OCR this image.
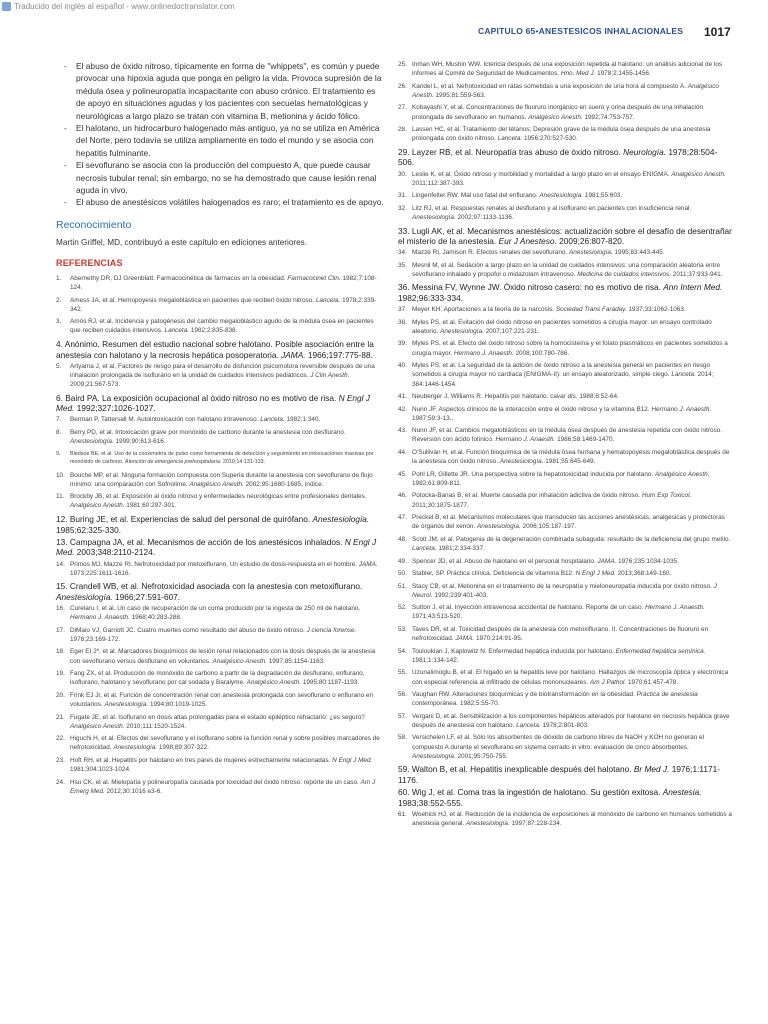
Traducido del inglés al español - www.onlinedoctranslator.com
CAPITULO 65•ANESTESICOS INHALACIONALES 1017
- El abuso de óxido nitroso, típicamente en forma de "whippets", es común y puede provocar una hipoxia aguda que ponga en peligro la vida. Provoca supresión de la médula ósea y polineuropatía incapacitante con abuso crónico. El tratamiento es de apoyo en situaciones agudas y los pacientes con secuelas hematológicas y neurológicas a largo plazo se tratan con vitamina B, metionina y ácido fólico.
- El halotano, un hidrocarburo halogenado más antiguo, ya no se utiliza en América del Norte, pero todavía se utiliza ampliamente en todo el mundo y se asocia con hepatitis fulminante.
- El sevoflurano se asocia con la producción del compuesto A, que puede causar necrosis tubular renal; sin embargo, no se ha demostrado que cause lesión renal aguda in vivo.
- El abuso de anestésicos volátiles halogenados es raro; el tratamiento es de apoyo.
Reconocimiento

Martin Griffel, MD, contribuyó a este capítulo en ediciones anteriores.

REFERENCIAS
1. Abernethy DR, DJ Greenblatt. Farmacocinética de fármacos en la obesidad. Farmacocinet Clin. 1982;7:108-124.
2. Amess JA, et al. Hemopoyesis megaloblástica en pacientes que reciben óxido nitroso. Lanceta. 1978;2:339-342.
3. Amós RJ, et al. Incidencia y patogénesis del cambio megaloblástico agudo de la médula ósea en pacientes que reciben cuidados intensivos. Lanceta. 1982;2:835-838.
4. Anónimo. Resumen del estudio nacional sobre halotano. Posible asociación entre la anestesia con halotano y la necrosis hepática posoperatoria. JAMA. 1966;197:775-88.
5. Artyama J, et al. Factores de riesgo para el desarrollo de disfunción psicomotora reversible después de una inhalación prolongada de isoflurano en la unidad de cuidados intensivos pediátricos. J Clin Anesth. 2009;21:567-573.
6. Baird PA. La exposición ocupacional al óxido nitroso no es motivo de risa. N Engl J Med. 1992;327:1026-1027.
7. Berman P, Tattersall M. Autointoxicación con halotano intravenoso. Lanceta. 1982;1:340.
8. Berry PD, et al. Intoxicación grave por monóxido de carbono durante la anestesia con desflurano. Anestesiología. 1999;90:613-616.
9. Bledsoe BE, et al. Uso de la cooximetría de pulso como herramienta de detección y seguimiento en intoxicaciones masivas por monóxido de carbono. Atención de emergencia prehospitalaria. 2010;14:131-133.
10. Bouche MP, et al. Ninguna formación compuesta con Superia durante la anestesia con sevoflurano de flujo mínimo: una comparación con Sofnolime. Analgésico Anesth. 2002;95:1680-1685, índice.
11. Brockby JB, et al. Exposición al óxido nitroso y enfermedades neurológicas entre profesionales dentales. Analgésico Anesth. 1981;60:297-301.
12. Buring JE, et al. Experiencias de salud del personal de quirófano. Anestesiología. 1985;62:325-330.
13. Campagna JA, et al. Mecanismos de acción de los anestésicos inhalados. N Engl J Med. 2003;348:2110-2124.
14. Primos MJ, Mazze RI. Nefrotoxicidad por metoxiflurano. Un estudio de dosis-respuesta en el hombre. JAMA. 1973;225:1611-1616.
15. Crandell WB, et al. Nefrotoxicidad asociada con la anestesia con metoxiflurano. Anestesiología. 1966;27:591-607.
16. Curelaru I, et al. Un caso de recuperación de un coma producido por la ingesta de 250 ml de halotano. Hermano J. Anaesth. 1968;40:283-288.
17. DiMaio VJ, Garriott JC. Cuatro muertes como resultado del abuso de óxido nitroso. J ciencia forense. 1978;23:169-172.
18. Eger EI 2º, et al. Marcadores bioquímicos de lesión renal relacionados con la dosis después de la anestesia con sevoflurano versus desflurano en voluntarios. Analgésico Anesth. 1997;85:1154-1163.
19. Fang ZX, et al. Producción de monóxido de carbono a partir de la degradación de desflurano, enflurano, isoflurano, halotano y sevoflurano por cal sodada y Baralyme. Analgésico Anesth. 1995;80:1187-1193.
20. Frink EJ Jr, et al. Función de concentración renal con anestesia prolongada con sevoflurano o enflurano en voluntarios. Anestesiología. 1994;80:1019-1025.
21. Fugate JE, et al. Isoflurano en dosis altas prolongadas para el estado epiléptico refractario: ¿es seguro? Analgésico Anesth. 2010;111:1520-1524.
22. Higuchi H, et al. Efectos del sevoflurano y el isoflurano sobre la función renal y sobre posibles marcadores de nefrotoxicidad. Anestesiología. 1998;89:307-322.
23. Hoft RH, et al. Hepatitis por halotano en tres pares de mujeres estrechamente relacionadas. N Engl J Med. 1981;304:1023-1024.
24. Hsu CK, et al. Mielopatía y polineuropatía causada por toxicidad del óxido nitroso: reporte de un caso. Am J Emerg Med. 2012;30:1016 e3-6.
25. Inman WH, Mushin WW. Ictericia después de una exposición repetida al halotano: un análisis adicional de los informes al Comité de Seguridad de Medicamentos. Hno. Med J. 1978;2:1455-1456.
26. Kandel L, et al. Nefrotoxicidad en ratas sometidas a una exposición de una hora al compuesto A. Analgésico Anesth. 1995;81:559-563.
27. Kobayashi Y, et al. Concentraciones de fluoruro inorgánico en suero y orina después de una inhalación prolongada de sevoflurano en humanos. Analgésico Anesth. 1992;74:753-757.
28. Lassen HC, et al. Tratamiento del tétanos; Depresión grave de la médula ósea después de una anestesia prolongada con óxido nitroso. Lanceta. 1956;270:527-530.
29. Layzer RB, et al. Neuropatía tras abuso de óxido nitroso. Neurología. 1978;28:504-506.
30. Leslie K, et al. Óxido nitroso y morbilidad y mortalidad a largo plazo en el ensayo ENIGMA. Analgésico Anesth. 2011;112:387-393.
31. Lingenfelter RW. Mal uso fatal del enflurano. Anestesiología. 1981;55:603.
32. Litz RJ, et al. Respuestas renales al desflurano y al isoflurano en pacientes con insuficiencia renal. Anestesiología. 2002;97:1133-1136.
33. Lugli AK, et al. Mecanismos anestésicos: actualización sobre el desafío de desentrañar el misterio de la anestesia. Eur J Anesteso. 2009;26:807-820.
34. Mazze RI, Jamison R. Efectos renales del sevoflurano. Anestesiología. 1995;83:443-445.
35. Mesnil M, et al. Sedación a largo plazo en la unidad de cuidados intensivos: una comparación aleatoria entre sevoflurano inhalado y propofol o midazolam intravenoso. Medicina de cuidados intensivos. 2011;37:933-941.
36. Messina FV, Wynne JW. Óxido nitroso casero: no es motivo de risa. Ann Intern Med. 1982;96:333-334.
37. Meyer KH. Aportaciones a la teoría de la narcosis. Sociedad Trans Faraday. 1937;33:1062-1063.
38. Myles PS, et al. Evitación del óxido nitroso en pacientes sometidos a cirugía mayor: un ensayo controlado aleatorio. Anestesiología. 2007;107:221-231.
39. Myles PS, et al. Efecto del óxido nitroso sobre la homocisteína y el folato plasmáticos en pacientes sometidos a cirugía mayor. Hermano J. Anaesth. 2008;100:780-786.
40. Myles PS, et al. La seguridad de la adición de óxido nitroso a la anestesia general en pacientes en riesgo sometidos a cirugía mayor no cardíaca (ENIGMA-II): un ensayo aleatorizado, simple ciego. Lanceta. 2014; 384:1446-1454.
41. Neuberger J, Williams R. Hepatitis por halotano. cavar dis. 1988;6:52-64.
42. Nunn JF. Aspectos clínicos de la interacción entre el óxido nitroso y la vitamina B12. Hermano J. Anaesth. 1987;59:3-13..
43. Nunn JF, et al. Cambios megaloblásticos en la médula ósea después de anestesia repetida con óxido nitroso. Reversión con ácido folínico. Hermano J. Anaesth. 1986;58:1469-1470.
44. O'Sullivan H, et al. Función bioquímica de la médula ósea humana y hematopoyesis megaloblástica después de la anestesia con óxido nitroso. Anestesiología. 1981;55:645-649.
45. Pohl LR, Gillette JR. Una perspectiva sobre la hepatotoxicidad inducida por halotano. Analgésico Anesth. 1982;61:809-811.
46. Potocka-Banas B, et al. Muerte causada por inhalación adictiva de óxido nitroso. Hum Exp Toxicol. 2011;30:1875-1877.
47. Preckel B, et al. Mecanismos moleculares que transducen las acciones anestésicas, analgésicas y protectoras de órganos del xenón. Anestesiología. 2006;105:187-197.
48. Scott JM, et al. Patogenia de la degeneración combinada subaguda: resultado de la deficiencia del grupo metilo. Lanceta. 1981;2:334-337.
49. Spencer JD, et al. Abuso de halotano en el personal hospitalario. JAMA. 1976;235:1034-1035.
50. Stabler, SP. Práctica clínica. Deficiencia de vitamina B12. N Engl J Med. 2013;368:149-160.
51. Stacy CB, et al. Metionina en el tratamiento de la neuropatía y mieloneuropatía inducida por óxido nitroso. J Neurol. 1992;239:401-403.
52. Sutton J, et al. Inyección intravenosa accidental de halotano. Reporte de un caso. Hermano J. Anaesth. 1971;43:513-520.
53. Taves DR, et al. Toxicidad después de la anestesia con metoxiflurano. II. Concentraciones de fluoruro en nefrotoxicidad. JAMA. 1970;214:91-95.
54. Touloukian J, Kaplowitz N. Enfermedad hepática inducida por halotano. Enfermedad hepática semínica. 1981;1:134-142.
55. Uzunalimoglu B, et al. El hígado en la hepatitis leve por halotano. Hallazgos de microscopía óptica y electrónica con especial referencia al infiltrado de células mononucleares. Am J Pathol. 1970;61:457-478.
56. Vaughan RW. Alteraciones bioquímicas y de biotransformación en la obesidad. Práctica de anestesia contemporánea. 1982;5:55-70.
57. Vergani D, et al. Sensibilización a los componentes hepáticos alterados por halotano en necrosis hepática grave después de anestesia con halotano. Lanceta. 1978;2:801-803.
58. Versichelen LF, et al. Sólo los absorbentes de dióxido de carbono libres de NaOH y KOH no generan el compuesto A durante el sevoflurano en sistema cerrado in vitro: evaluación de cinco absorbentes. Anestesiología. 2001;95:750-755.
59. Walton B, et al. Hepatitis inexplicable después del halotano. Br Med J. 1976;1:1171-1176.
60. Wig J, et al. Coma tras la ingestión de halotano. Su gestión exitosa. Anestesia. 1983;38:552-555.
61. Woehick HJ, et al. Reducción de la incidencia de exposiciones al monóxido de carbono en humanos sometidos a anestesia general. Anestesiología. 1997;87:228-234.
